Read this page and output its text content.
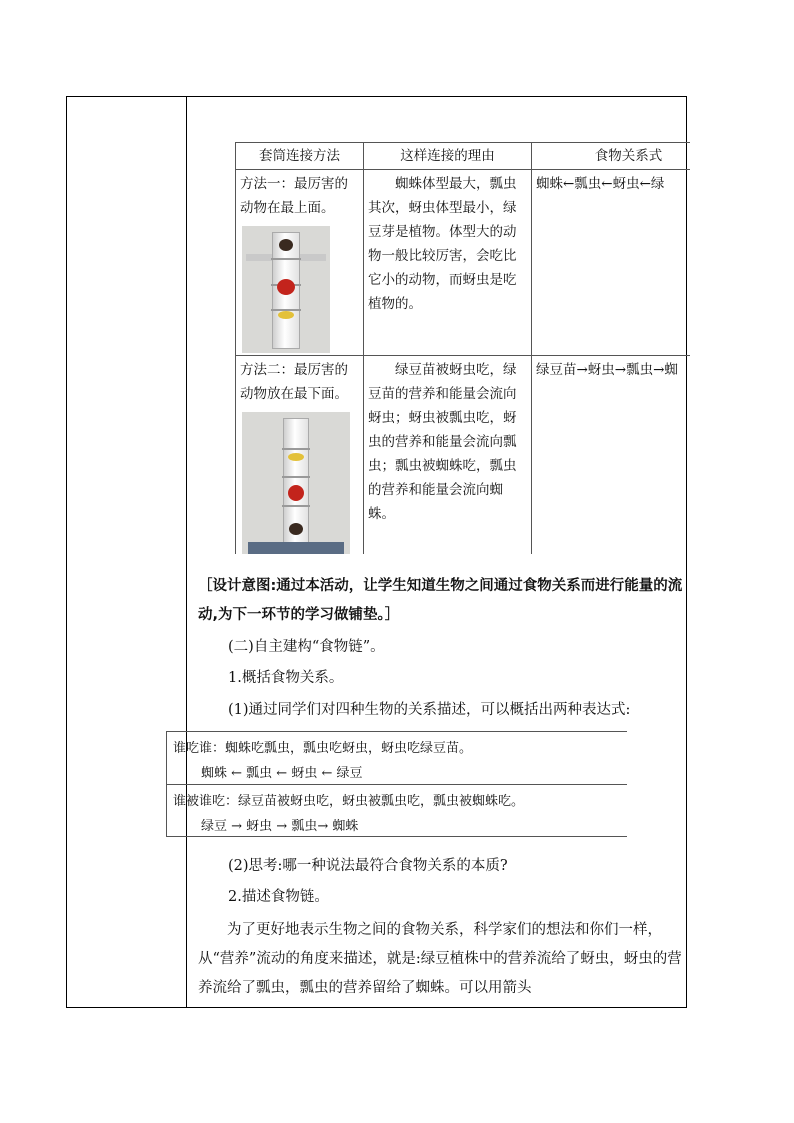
套筒连接方法	这样连接的理由	食物关系式

方法一：最厉害的动物在最上面。	蜘蛛体型最大，瓢虫其次，蚜虫体型最小，绿豆芽是植物。体型大的动物一般比较厉害，会吃比它小的动物，而蚜虫是吃植物的。	蜘蛛←瓢虫←蚜虫←绿

方法二：最厉害的动物放在最下面。	绿豆苗被蚜虫吃，绿豆苗的营养和能量会流向蚜虫；蚜虫被瓢虫吃，蚜虫的营养和能量会流向瓢虫；瓢虫被蜘蛛吃，瓢虫的营养和能量会流向蜘蛛。	绿豆苗→蚜虫→瓢虫→蜘
［设计意图:通过本活动，让学生知道生物之间通过食物关系而进行能量的流动,为下一环节的学习做铺垫。］
(二)自主建构“食物链”。
1.概括食物关系。
(1)通过同学们对四种生物的关系描述，可以概括出两种表达式:
谁吃谁：蜘蛛吃瓢虫，瓢虫吃蚜虫，蚜虫吃绿豆苗。
蜘蛛 ← 瓢虫 ← 蚜虫 ← 绿豆
谁被谁吃：绿豆苗被蚜虫吃，蚜虫被瓢虫吃，瓢虫被蜘蛛吃。
绿豆 → 蚜虫 → 瓢虫→ 蜘蛛
(2)思考:哪一种说法最符合食物关系的本质?
2.描述食物链。
为了更好地表示生物之间的食物关系，科学家们的想法和你们一样，从“营养”流动的角度来描述，就是:绿豆植株中的营养流给了蚜虫，蚜虫的营养流给了瓢虫，瓢虫的营养留给了蜘蛛。可以用箭头
